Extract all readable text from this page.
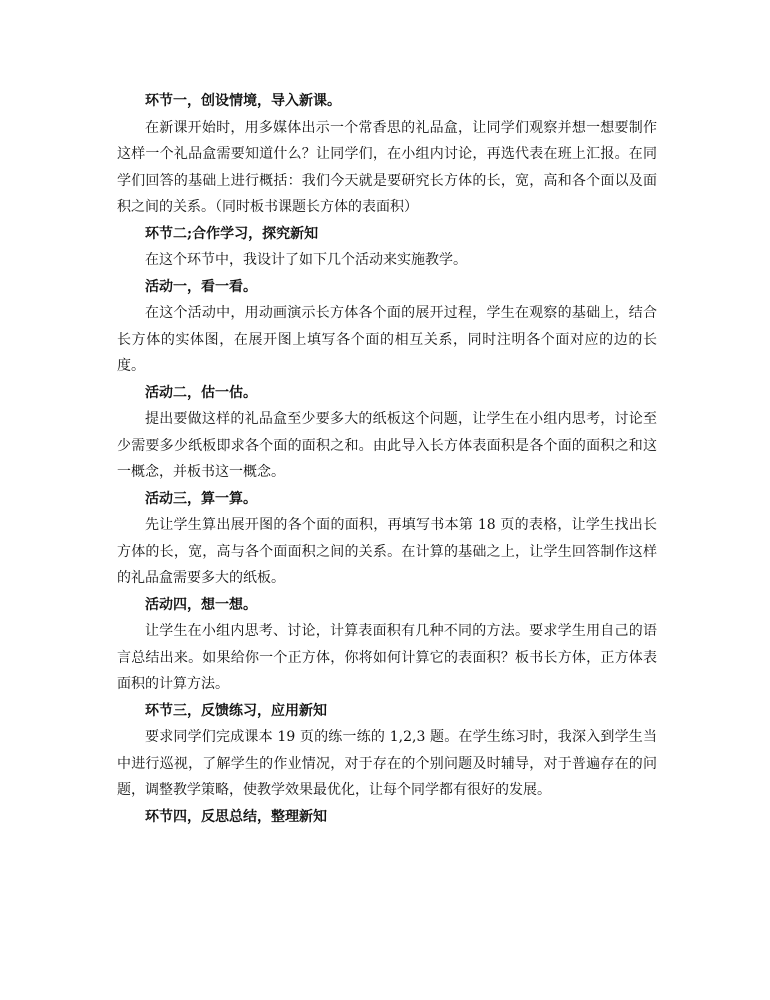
环节一，创设情境，导入新课。

在新课开始时，用多媒体出示一个常香思的礼品盒，让同学们观察并想一想要制作这样一个礼品盒需要知道什么？让同学们，在小组内讨论，再选代表在班上汇报。在同学们回答的基础上进行概括：我们今天就是要研究长方体的长，宽，高和各个面以及面积之间的关系。（同时板书课题长方体的表面积）

环节二;合作学习，探究新知

在这个环节中，我设计了如下几个活动来实施教学。

活动一，看一看。

在这个活动中，用动画演示长方体各个面的展开过程，学生在观察的基础上，结合长方体的实体图，在展开图上填写各个面的相互关系，同时注明各个面对应的边的长度。

活动二，估一估。

提出要做这样的礼品盒至少要多大的纸板这个问题，让学生在小组内思考，讨论至少需要多少纸板即求各个面的面积之和。由此导入长方体表面积是各个面的面积之和这一概念，并板书这一概念。

活动三，算一算。

先让学生算出展开图的各个面的面积，再填写书本第 18 页的表格，让学生找出长方体的长，宽，高与各个面面积之间的关系。在计算的基础之上，让学生回答制作这样的礼品盒需要多大的纸板。

活动四，想一想。

让学生在小组内思考、讨论，计算表面积有几种不同的方法。要求学生用自己的语言总结出来。如果给你一个正方体，你将如何计算它的表面积？板书长方体，正方体表面积的计算方法。

环节三，反馈练习，应用新知

要求同学们完成课本 19 页的练一练的 1,2,3 题。在学生练习时，我深入到学生当中进行巡视，了解学生的作业情况，对于存在的个别问题及时辅导，对于普遍存在的问题，调整教学策略，使教学效果最优化，让每个同学都有很好的发展。

环节四，反思总结，整理新知
